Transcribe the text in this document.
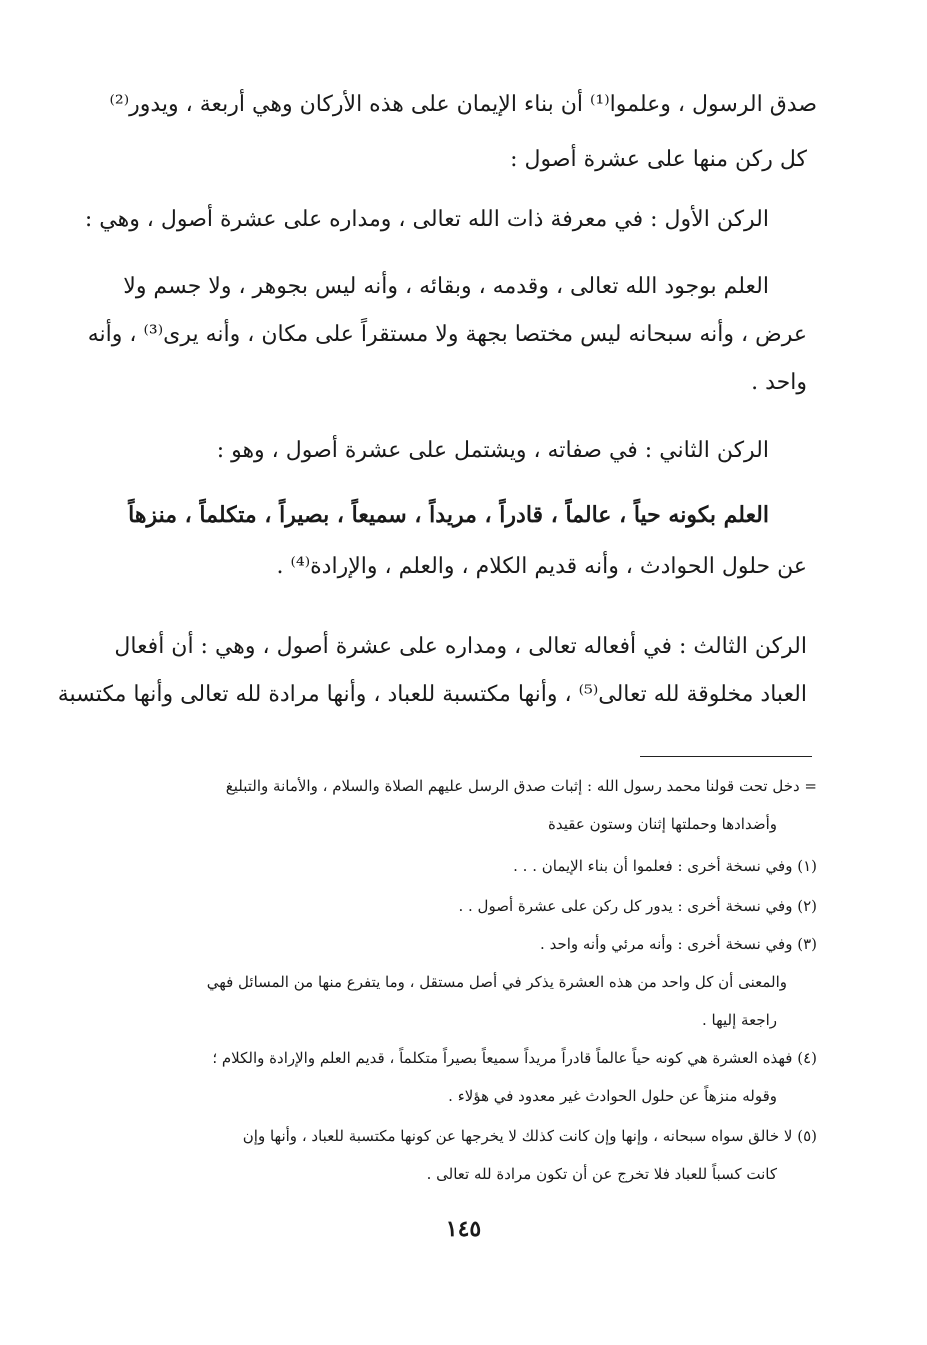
صدق الرسول ، وعلموا⁽¹⁾ أن بناء الإيمان على هذه الأركان وهي أربعة ، ويدور⁽²⁾
كل ركن منها على عشرة أصول :
الركن الأول : في معرفة ذات الله تعالى ، ومداره على عشرة أصول ، وهي :
العلم بوجود الله تعالى ، وقدمه ، وبقائه ، وأنه ليس بجوهر ، ولا جسم ولا
عرض ، وأنه سبحانه ليس مختصا بجهة ولا مستقراً على مكان ، وأنه يرى⁽³⁾ ، وأنه
واحد .
الركن الثاني : في صفاته ، ويشتمل على عشرة أصول ، وهو :
العلم بكونه حياً ، عالماً ، قادراً ، مريداً ، سميعاً ، بصيراً ، متكلماً ، منزهاً
عن حلول الحوادث ، وأنه قديم الكلام ، والعلم ، والإرادة⁽⁴⁾ .
الركن الثالث : في أفعاله تعالى ، ومداره على عشرة أصول ، وهي : أن أفعال
العباد مخلوقة لله تعالى⁽⁵⁾ ، وأنها مكتسبة للعباد ، وأنها مرادة لله تعالى وأنها مكتسبة
= دخل تحت قولنا محمد رسول الله : إثبات صدق الرسل عليهم الصلاة والسلام ، والأمانة والتبليغ
وأضدادها وحملتها إثنان وستون عقيدة
(١) وفي نسخة أخرى : فعلموا أن بناء الإيمان . . .
(٢) وفي نسخة أخرى : يدور كل ركن على عشرة أصول . .
(٣) وفي نسخة أخرى : وأنه مرئي وأنه واحد .
والمعنى أن كل واحد من هذه العشرة يذكر في أصل مستقل ، وما يتفرع منها من المسائل فهي
راجعة إليها .
(٤) فهذه العشرة هي كونه حياً عالماً قادراً مريداً سميعاً بصيراً متكلماً ، قديم العلم والإرادة والكلام ؛
وقوله منزهاً عن حلول الحوادث غير معدود في هؤلاء .
(٥) لا خالق سواه سبحانه ، وإنها وإن كانت كذلك لا يخرجها عن كونها مكتسبة للعباد ، وأنها وإن
كانت كسباً للعباد فلا تخرج عن أن تكون مرادة لله تعالى .
١٤٥
